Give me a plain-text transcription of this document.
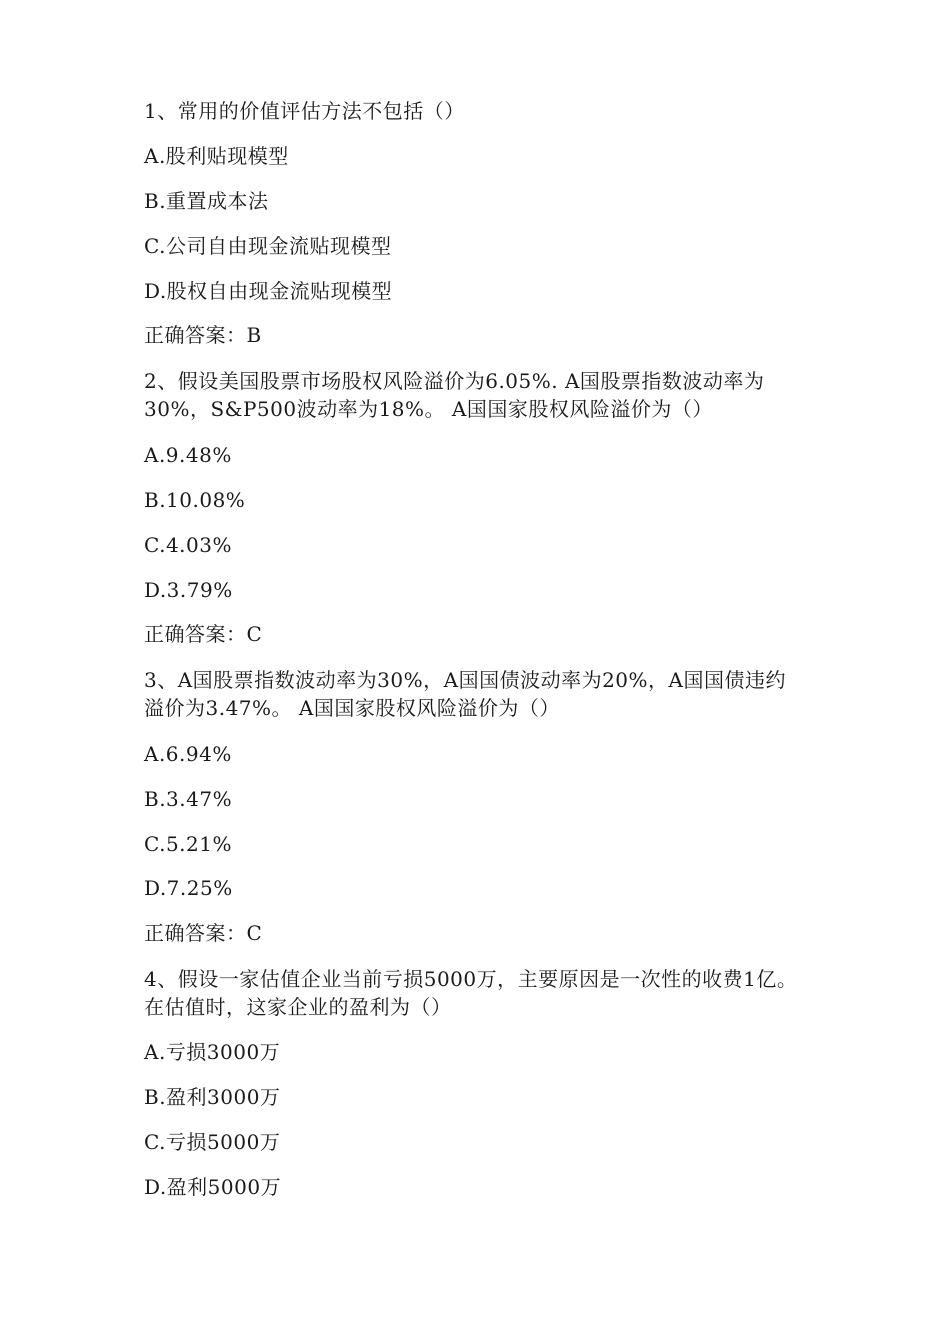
1、常用的价值评估方法不包括（）
A.股利贴现模型
B.重置成本法
C.公司自由现金流贴现模型
D.股权自由现金流贴现模型
正确答案：B
2、假设美国股票市场股权风险溢价为6.05%. A国股票指数波动率为30%，S&P500波动率为18%。 A国国家股权风险溢价为（）
A.9.48%
B.10.08%
C.4.03%
D.3.79%
正确答案：C
3、A国股票指数波动率为30%，A国国债波动率为20%，A国国债违约溢价为3.47%。 A国国家股权风险溢价为（）
A.6.94%
B.3.47%
C.5.21%
D.7.25%
正确答案：C
4、假设一家估值企业当前亏损5000万，主要原因是一次性的收费1亿。在估值时，这家企业的盈利为（）
A.亏损3000万
B.盈利3000万
C.亏损5000万
D.盈利5000万
